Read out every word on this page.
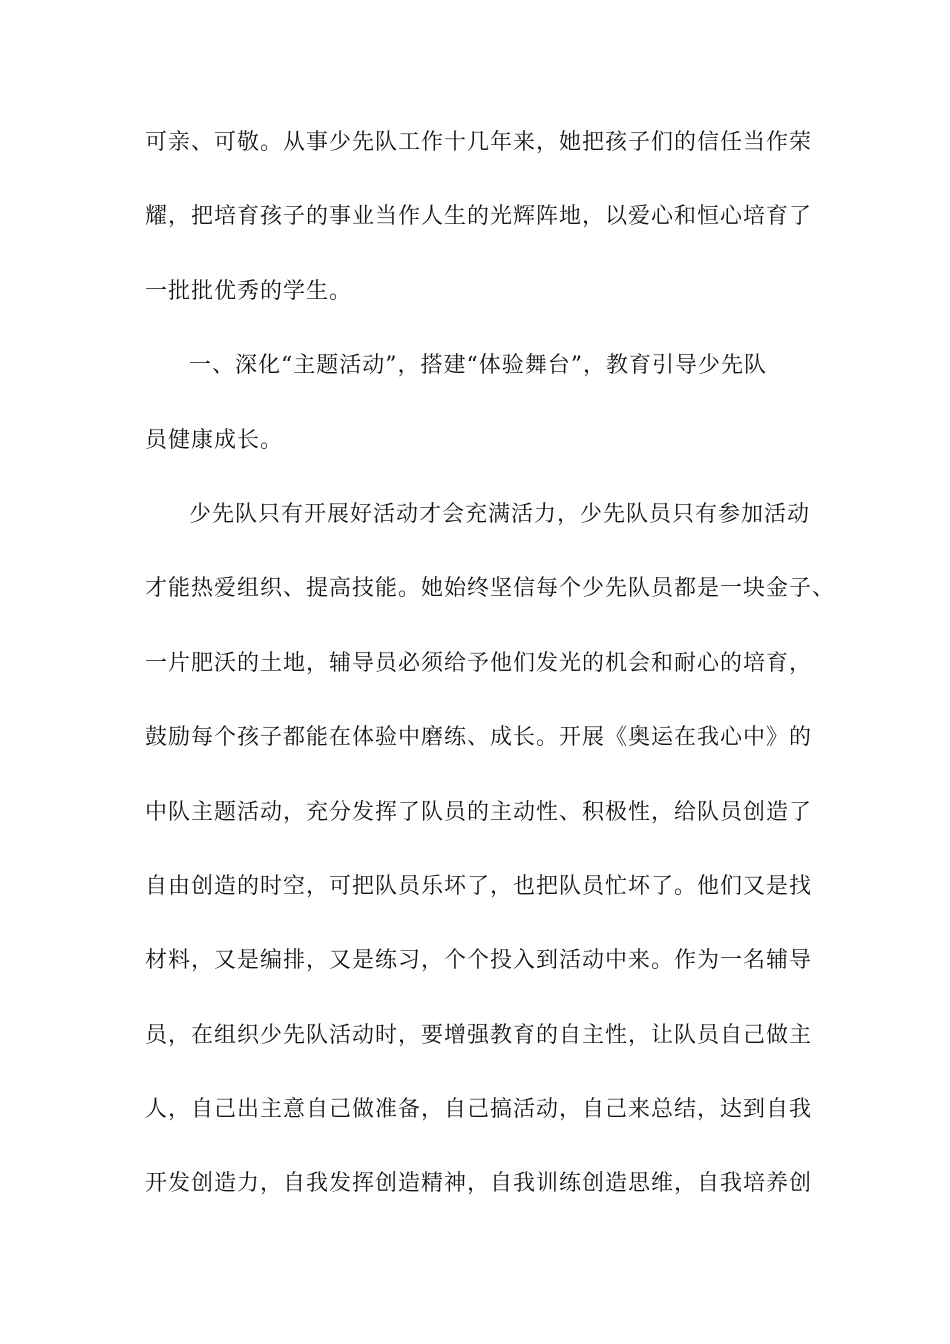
可亲、可敬。从事少先队工作十几年来，她把孩子们的信任当作荣
耀，把培育孩子的事业当作人生的光辉阵地，以爱心和恒心培育了
一批批优秀的学生。
一、深化“主题活动”，搭建“体验舞台”，教育引导少先队
员健康成长。
少先队只有开展好活动才会充满活力，少先队员只有参加活动
才能热爱组织、提高技能。她始终坚信每个少先队员都是一块金子、
一片肥沃的土地，辅导员必须给予他们发光的机会和耐心的培育，
鼓励每个孩子都能在体验中磨练、成长。开展《奥运在我心中》的
中队主题活动，充分发挥了队员的主动性、积极性，给队员创造了
自由创造的时空，可把队员乐坏了，也把队员忙坏了。他们又是找
材料，又是编排，又是练习，个个投入到活动中来。作为一名辅导
员，在组织少先队活动时，要增强教育的自主性，让队员自己做主
人，自己出主意自己做准备，自己搞活动，自己来总结，达到自我
开发创造力，自我发挥创造精神，自我训练创造思维，自我培养创
